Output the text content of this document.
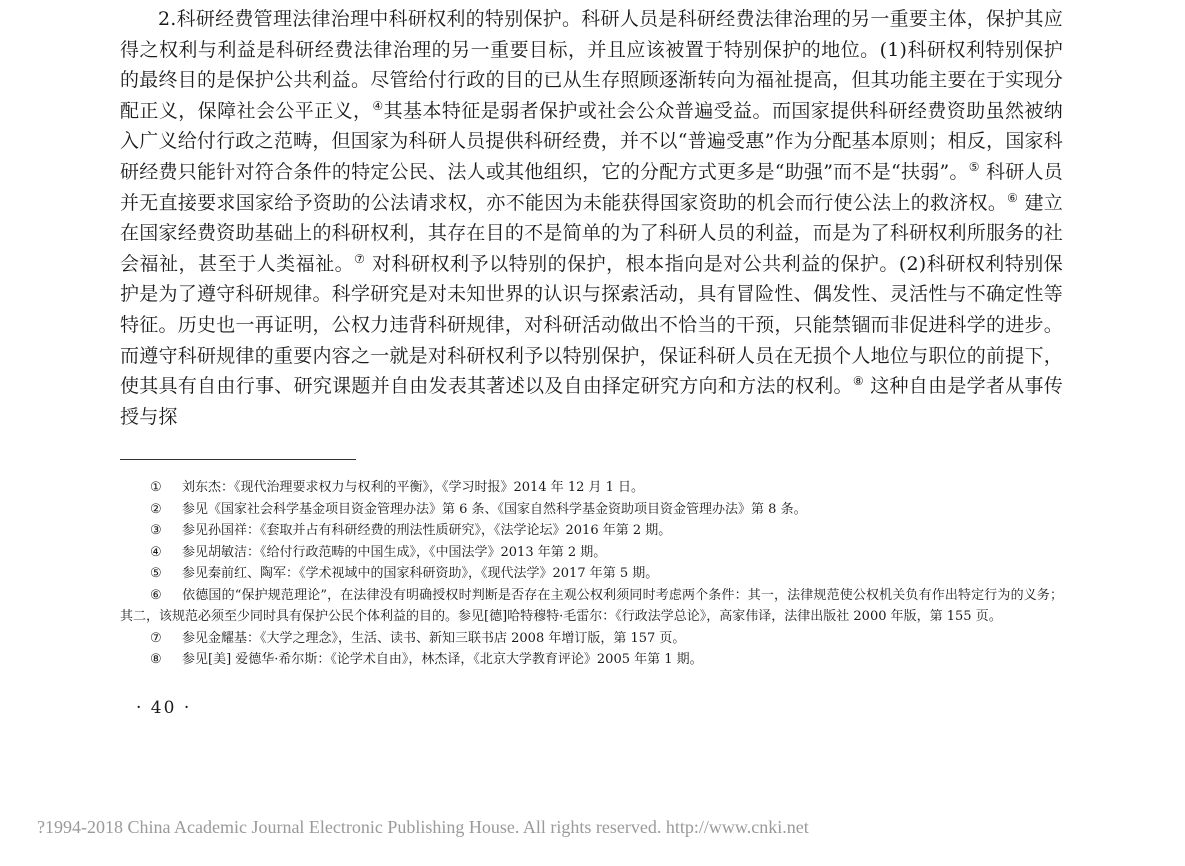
2.科研经费管理法律治理中科研权利的特别保护。科研人员是科研经费法律治理的另一重要主体，保护其应得之权利与利益是科研经费法律治理的另一重要目标，并且应该被置于特别保护的地位。(1)科研权利特别保护的最终目的是保护公共利益。尽管给付行政的目的已从生存照顾逐渐转向为福祉提高，但其功能主要在于实现分配正义，保障社会公平正义，④其基本特征是弱者保护或社会公众普遍受益。而国家提供科研经费资助虽然被纳入广义给付行政之范畴，但国家为科研人员提供科研经费，并不以“普遍受惠”作为分配基本原则；相反，国家科研经费只能针对符合条件的特定公民、法人或其他组织，它的分配方式更多是“助强”而不是“扶弱”。⑤ 科研人员并无直接要求国家给予资助的公法请求权，亦不能因为未能获得国家资助的机会而行使公法上的救济权。⑥ 建立在国家经费资助基础上的科研权利，其存在目的不是简单的为了科研人员的利益，而是为了科研权利所服务的社会福祉，甚至于人类福祉。⑦ 对科研权利予以特别的保护，根本指向是对公共利益的保护。(2)科研权利特别保护是为了遵守科研规律。科学研究是对未知世界的认识与探索活动，具有冒险性、偶发性、灵活性与不确定性等特征。历史也一再证明，公权力违背科研规律，对科研活动做出不恰当的干预，只能禁锢而非促进科学的进步。而遵守科研规律的重要内容之一就是对科研权利予以特别保护，保证科研人员在无损个人地位与职位的前提下，使其具有自由行事、研究课题并自由发表其著述以及自由择定研究方向和方法的权利。⑧ 这种自由是学者从事传授与探

① 刘东杰：《现代治理要求权力与权利的平衡》，《学习时报》2014 年 12 月 1 日。

② 参见《国家社会科学基金项目资金管理办法》第 6 条、《国家自然科学基金资助项目资金管理办法》第 8 条。

③ 参见孙国祥：《套取并占有科研经费的刑法性质研究》，《法学论坛》2016 年第 2 期。

④ 参见胡敏洁：《给付行政范畴的中国生成》，《中国法学》2013 年第 2 期。

⑤ 参见秦前红、陶军：《学术视域中的国家科研资助》，《现代法学》2017 年第 5 期。

⑥ 依德国的“保护规范理论”，在法律没有明确授权时判断是否存在主观公权利须同时考虑两个条件：其一，法律规范使公权机关负有作出特定行为的义务；其二，该规范必须至少同时具有保护公民个体利益的目的。参见[德]哈特穆特·毛雷尔：《行政法学总论》，高家伟译，法律出版社 2000 年版，第 155 页。

⑦ 参见金耀基：《大学之理念》，生活、读书、新知三联书店 2008 年增订版，第 157 页。

⑧ 参见[美] 爱德华·希尔斯：《论学术自由》，林杰译，《北京大学教育评论》2005 年第 1 期。

· 40 ·
?1994-2018 China Academic Journal Electronic Publishing House. All rights reserved. http://www.cnki.net
